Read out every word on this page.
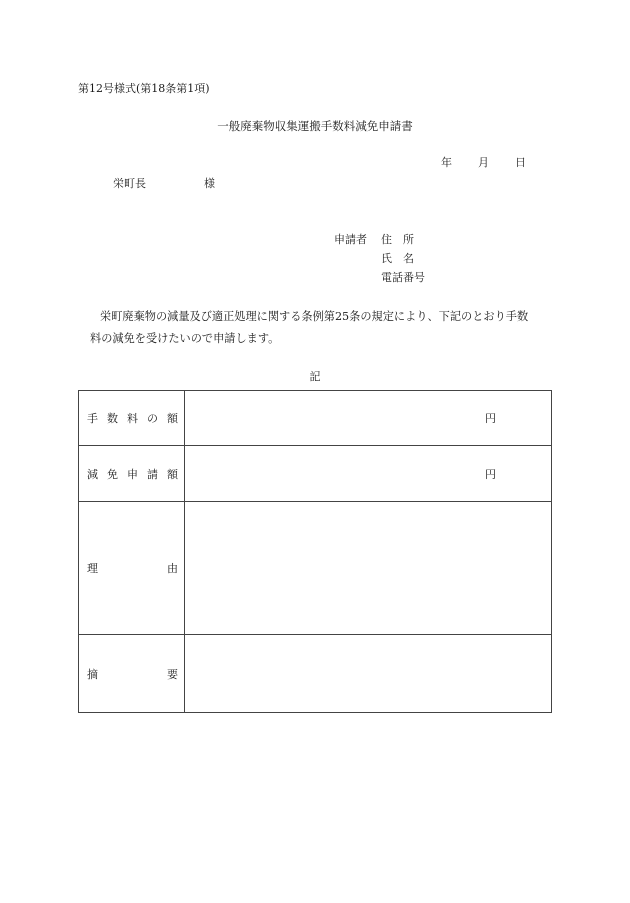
第12号様式(第18条第1項)
一般廃棄物収集運搬手数料減免申請書
年 月 日
栄町長	様
申請者	住　所
氏　名
電話番号

栄町廃棄物の減量及び適正処理に関する条例第25条の規定により、下記のとおり手数

料の減免を受けたいので申請します。

記
手 数 料 の 額	円

減 免 申 請 額	円

理 由	

摘 要	
